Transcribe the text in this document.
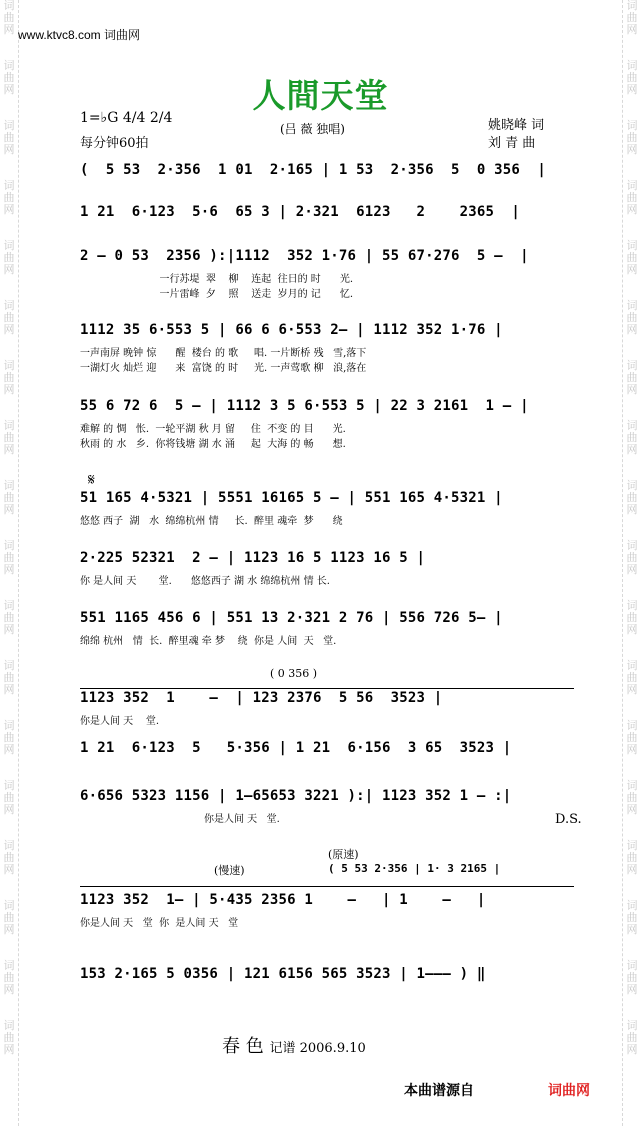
词
曲
网

词
曲
网

词
曲
网

词
曲
网

词
曲
网

词
曲
网

词
曲
网

词
曲
网

词
曲
网

词
曲
网

词
曲
网

词
曲
网

词
曲
网

词
曲
网

词
曲
网

词
曲
网

词
曲
网

词
曲
网

词
曲
网

词
曲
网

词
曲
网

词
曲
网

词
曲
网

词
曲
网

词
曲
网

词
曲
网

词
曲
网

词
曲
网

词
曲
网

词
曲
网

词
曲
网

词
曲
网

词
曲
网

词
曲
网

词
曲
网

词
曲
网

www.ktvc8.com 词曲网
人間天堂
1=♭G 4/4 2/4
每分钟60拍
(吕 薇 独唱)	姚晓峰 词
刘 青 曲
𝄋
( 0 356 )
D.S.
(慢速)
(原速)
( 5 53 2·356 | 1· 3 2165 |
(  5 53  2·356  1 01  2·165 | 1 53  2·356  5  0 356  |
1 21  6·123  5·6  65 3 | 2·321  6123   2    2365  |
2 – 0 53  2356 ):|1112  352 1·76 | 55 67·276  5 –  |
一行苏堤  翠    柳    连起  往日的 时      光.
一片雷峰  夕    照    送走  岁月的 记      忆.
1112 35 6·553 5 | 66 6 6·553 2– | 1112 352 1·76 |
一声南屏 晚钟 惊      醒  楼台 的 歌     唱. 一片断桥 残   雪,落下
一湖灯火 灿烂 迎      来  富饶 的 时     光. 一声莺歌 柳   浪,落在
55 6 72 6  5 – | 1112 3 5 6·553 5 | 22 3 2161  1 – |
难解 的 惆   怅.  一轮平湖 秋 月 留     住  不变 的 目      光.
秋雨 的 水   乡.  你将钱塘 湖 水 涌     起  大海 的 畅      想.
51 165 4·5321 | 5551 16165 5 – | 551 165 4·5321 |
悠悠 西子  湖   水  绵绵杭州 情     长.  醉里 魂牵  梦      绕
2·225 52321  2 – | 1123 16 5 1123 16 5 |
你 是人间 天       堂.      悠悠西子 湖 水 绵绵杭州 情 长.
551 1165 456 6 | 551 13 2·321 2 76 | 556 726 5– |
绵绵 杭州   情  长.  醉里魂 牵 梦    绕  你是 人间  天   堂.
1123 352  1    –  | 123 2376  5 56  3523 |
你是人间 天    堂.
1 21  6·123  5   5·356 | 1 21  6·156  3 65  3523 |
6·656 5323 1156 | 1–65653 3221 ):| 1123 352 1 – :|
你是人间 天   堂.
1123 352  1– | 5·435 2356 1    –   | 1    –   |
你是人间 天   堂  你  是人间 天   堂
153 2·165 5 0356 | 121 6156 565 3523 | 1––– ) ‖
春 色 记谱 2006.9.10
本曲谱源自	词曲网
